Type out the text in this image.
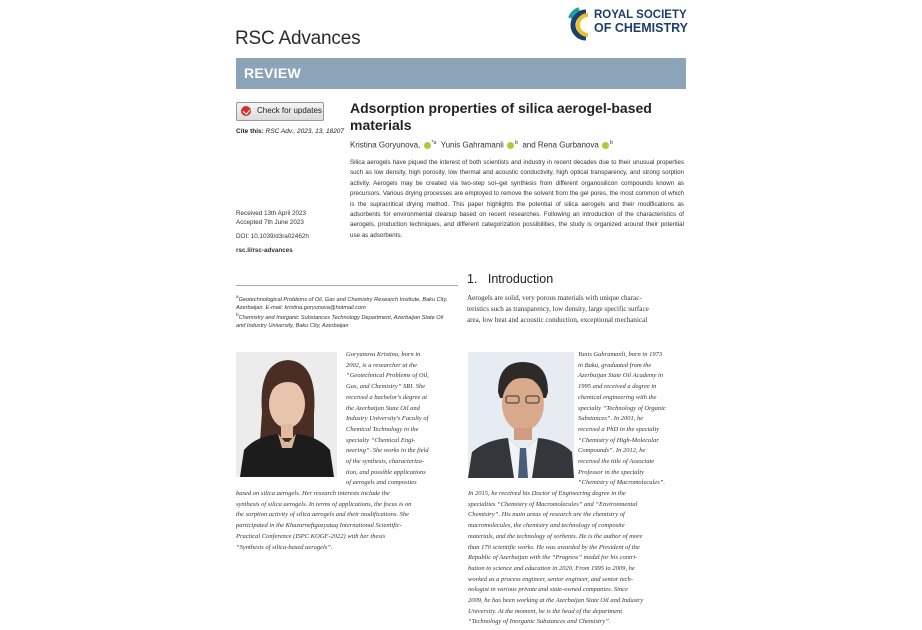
RSC Advances
ROYAL SOCIETY
OF CHEMISTRY
REVIEW
Check for updates
Cite this: RSC Adv., 2023, 13, 18207
Received 13th April 2023
Accepted 7th June 2023
DOI: 10.1039/d3ra02462h
rsc.li/rsc-advances
Adsorption properties of silica aerogel-based materials
Kristina Goryunova, $^{*a}$ Yunis Gahramanli $^b$ and Rena Gurbanova $^b$
Silica aerogels have piqued the interest of both scientists and industry in recent decades due to their unusual properties such as low density, high porosity, low thermal and acoustic conductivity, high optical transparency, and strong sorption activity. Aerogels may be created via two-step sol–gel synthesis from different organosilicon compounds known as precursors. Various drying processes are employed to remove the solvent from the gel pores, the most common of which is the supracritical drying method. This paper highlights the potential of silica aerogels and their modifications as adsorbents for environmental cleanup based on recent researches. Following an introduction of the characteristics of aerogels, production techniques, and different categorization possibilities, the study is organized around their potential use as adsorbents.
1. Introduction
$^a$Geotechnological Problems of Oil, Gas and Chemistry Research Institute, Baku City,
Azerbaijan. E-mail: kristina.goryunova@hotmail.com
$^b$Chemistry and Inorganic Substances Technology Department, Azerbaijan State Oil
and Industry University, Baku City, Azerbaijan
Aerogels are solid, very porous materials with unique charac-
teristics such as transparency, low density, large specific surface
area, low heat and acoustic conduction, exceptional mechanical
Goryunova Kristina, born in
2002, is a researcher at the
“Geotechnical Problems of Oil,
Gas, and Chemistry” SRI. She
received a bachelor's degree at
the Azerbaijan State Oil and
Industry University's Faculty of
Chemical Technology in the
specialty “Chemical Engi-
neering”. She works in the field
of the synthesis, characteriza-
tion, and possible applications
of aerogels and composites
based on silica aerogels. Her research interests include the
synthesis of silica aerogels. In terms of applications, the focus is on
the sorption activity of silica aerogels and their modifications. She
participated in the Khazarneftgazyataq International Scientific-
Practical Conference (ISPC KOGF-2022) with her thesis
“Synthesis of silica-based aerogels”.
Yunis Gahramanli, born in 1973
in Baku, graduated from the
Azerbaijan State Oil Academy in
1995 and received a degree in
chemical engineering with the
specialty “Technology of Organic
Substances”. In 2001, he
received a PhD in the specialty
“Chemistry of High-Molecular
Compounds”. In 2012, he
received the title of Associate
Professor in the specialty
“Chemistry of Macromolecules”.
In 2015, he received his Doctor of Engineering degree in the
specialties “Chemistry of Macromolecules” and “Environmental
Chemistry”. His main areas of research are the chemistry of
macromolecules, the chemistry and technology of composite
materials, and the technology of sorbents. He is the author of more
than 170 scientific works. He was awarded by the President of the
Republic of Azerbaijan with the “Progress” medal for his contri-
bution to science and education in 2020. From 1995 to 2009, he
worked as a process engineer, senior engineer, and senior tech-
nologist in various private and state-owned companies. Since
2009, he has been working at the Azerbaijan State Oil and Industry
University. At the moment, he is the head of the department
“Technology of Inorganic Substances and Chemistry”.
